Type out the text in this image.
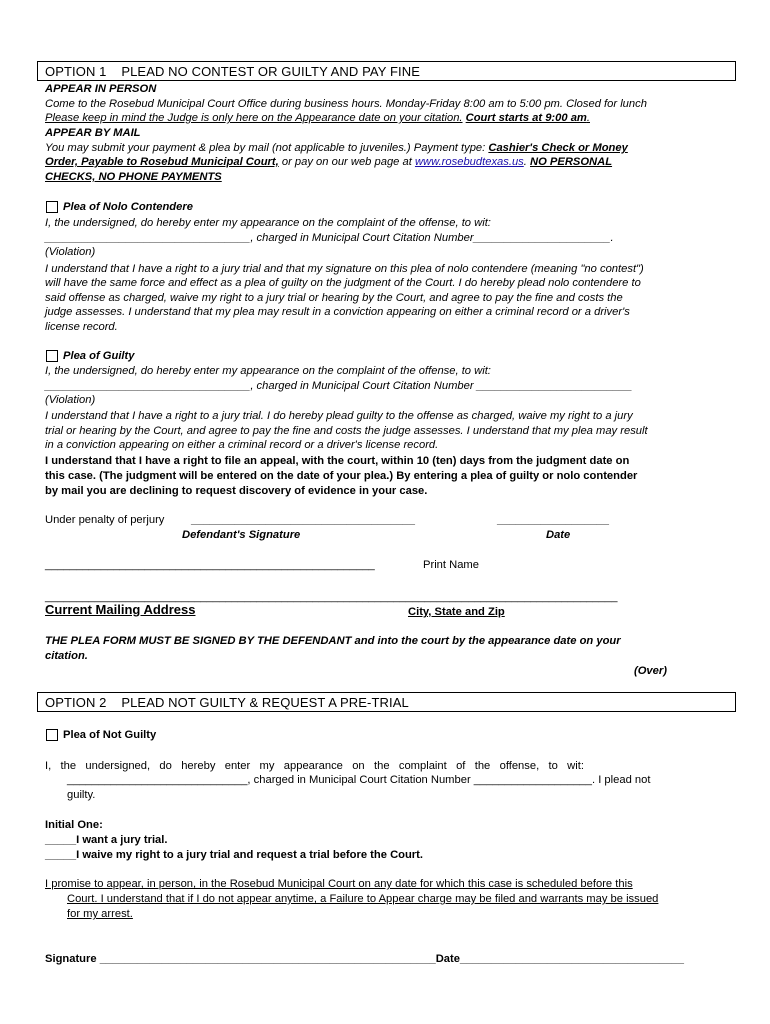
OPTION 1    PLEAD NO CONTEST OR GUILTY AND PAY FINE
APPEAR IN PERSON
Come to the Rosebud Municipal Court Office during business hours. Monday-Friday 8:00 am to 5:00 pm. Closed for lunch
Please keep in mind the Judge is only here on the Appearance date on your citation. Court starts at 9:00 am.
APPEAR BY MAIL
You may submit your payment & plea by mail (not applicable to juveniles.) Payment type: Cashier's Check or Money
Order, Payable to Rosebud Municipal Court, or pay on our web page at www.rosebudtexas.us. NO PERSONAL
CHECKS, NO PHONE PAYMENTS
Plea of Nolo Contendere
I, the undersigned, do hereby enter my appearance on the complaint of the offense, to wit:
_________________________________, charged in Municipal Court Citation Number______________________.
(Violation)
I understand that I have a right to a jury trial and that my signature on this plea of nolo contendere (meaning "no contest")
will have the same force and effect as a plea of guilty on the judgment of the Court. I do hereby plead nolo contendere to
said offense as charged, waive my right to a jury trial or hearing by the Court, and agree to pay the fine and costs the
judge assesses. I understand that my plea may result in a conviction appearing on either a criminal record or a driver's
license record.
Plea of Guilty
I, the undersigned, do hereby enter my appearance on the complaint of the offense, to wit:
_________________________________, charged in Municipal Court Citation Number _________________________
(Violation)
I understand that I have a right to a jury trial. I do hereby plead guilty to the offense as charged, waive my right to a jury
trial or hearing by the Court, and agree to pay the fine and costs the judge assesses. I understand that my plea may result
in a conviction appearing on either a criminal record or a driver's license record.
I understand that I have a right to file an appeal, with the court, within 10 (ten) days from the judgment date on
this case. (The judgment will be entered on the date of your plea.) By entering a plea of guilty or nolo contender
by mail you are declining to request discovery of evidence in your case.
Under penalty of perjury ____________________________________	__________________
Defendant's Signature	Date
_____________________________________________________	Print Name
____________________________________________________________________________________________
Current Mailing Address	City, State and Zip
THE PLEA FORM MUST BE SIGNED BY THE DEFENDANT and into the court by the appearance date on your
citation.
(Over)
OPTION 2    PLEAD NOT GUILTY & REQUEST A PRE-TRIAL
Plea of Not Guilty
I,   the   undersigned,   do   hereby   enter   my   appearance   on   the   complaint   of   the   offense,   to   wit:
_____________________________, charged in Municipal Court Citation Number ___________________. I plead not
guilty.
Initial One:
_____I want a jury trial.
_____I waive my right to a jury trial and request a trial before the Court.
I promise to appear, in person, in the Rosebud Municipal Court on any date for which this case is scheduled before this
Court. I understand that if I do not appear anytime, a Failure to Appear charge may be filed and warrants may be issued
for my arrest.
Signature ______________________________________________________Date____________________________________
